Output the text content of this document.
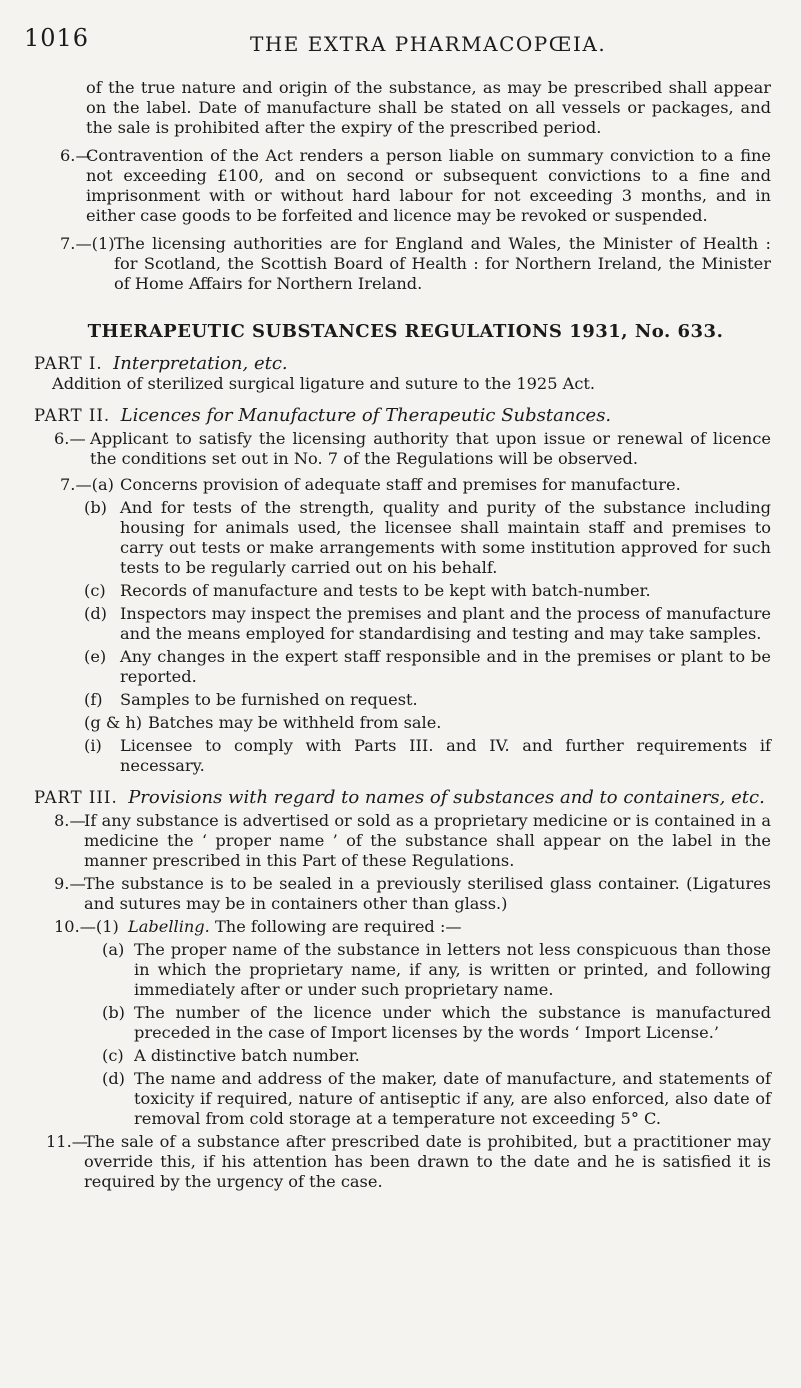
1016	THE EXTRA PHARMACOPŒIA.

of the true nature and origin of the substance, as may be prescribed shall appear on the label. Date of manufacture shall be stated on all vessels or packages, and the sale is prohibited after the expiry of the prescribed period.

6.—
Contravention of the Act renders a person liable on summary conviction to a fine not exceeding £100, and on second or subsequent convictions to a fine and imprisonment with or without hard labour for not exceeding 3 months, and in either case goods to be forfeited and licence may be revoked or suspended.

7.—(1) The licensing authorities are for England and Wales, the Minister of Health : for Scotland, the Scottish Board of Health : for Northern Ireland, the Minister of Home Affairs for Northern Ireland.

THERAPEUTIC SUBSTANCES REGULATIONS 1931, No. 633.

PART I. Interpretation, etc.

Addition of sterilized surgical ligature and suture to the 1925 Act.

PART II. Licences for Manufacture of Therapeutic Substances.

6.— Applicant to satisfy the licensing authority that upon issue or renewal of licence the conditions set out in No. 7 of the Regulations will be observed.

7.—(a) Concerns provision of adequate staff and premises for manufacture.

(b) And for tests of the strength, quality and purity of the substance including housing for animals used, the licensee shall maintain staff and premises to carry out tests or make arrangements with some institution approved for such tests to be regularly carried out on his behalf.

(c) Records of manufacture and tests to be kept with batch-number.

(d) Inspectors may inspect the premises and plant and the process of manufacture and the means employed for standardising and testing and may take samples.

(e) Any changes in the expert staff responsible and in the premises or plant to be reported.

(f) Samples to be furnished on request.

(g & h) Batches may be withheld from sale.

(i) Licensee to comply with Parts III. and IV. and further requirements if necessary.

PART III. Provisions with regard to names of substances and to containers, etc.

8.—
If any substance is advertised or sold as a proprietary medicine or is contained in a medicine the ‘ proper name ’ of the substance shall appear on the label in the manner prescribed in this Part of these Regulations.

9.—
The substance is to be sealed in a previously sterilised glass container. (Ligatures and sutures may be in containers other than glass.)

10.—(1) Labelling. The following are required :—

(a) The proper name of the substance in letters not less conspicuous than those in which the proprietary name, if any, is written or printed, and following immediately after or under such proprietary name.

(b) The number of the licence under which the substance is manufactured preceded in the case of Import licenses by the words ‘ Import License.’

(c) A distinctive batch number.

(d) The name and address of the maker, date of manufacture, and statements of toxicity if required, nature of antiseptic if any, are also enforced, also date of removal from cold storage at a temperature not exceeding 5° C.

11.—
The sale of a substance after prescribed date is prohibited, but a practitioner may override this, if his attention has been drawn to the date and he is satisfied it is required by the urgency of the case.
